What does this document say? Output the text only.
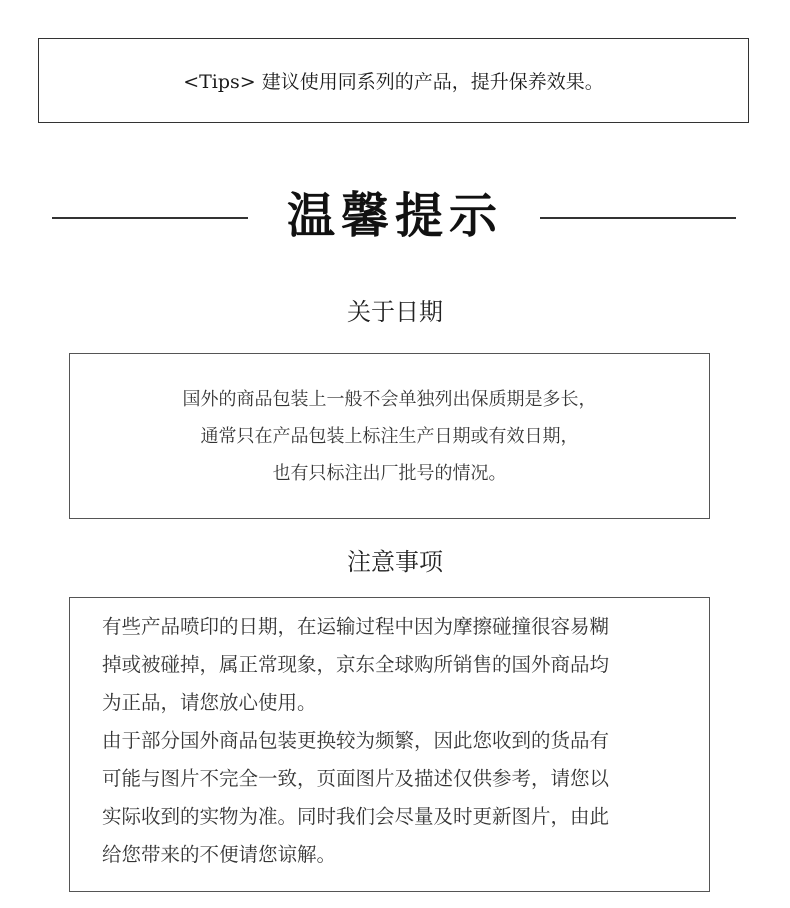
<Tips> 建议使用同系列的产品，提升保养效果。
温馨提示
关于日期
国外的商品包装上一般不会单独列出保质期是多长，
通常只在产品包装上标注生产日期或有效日期，
也有只标注出厂批号的情况。
注意事项
有些产品喷印的日期，在运输过程中因为摩擦碰撞很容易糊
掉或被碰掉，属正常现象，京东全球购所销售的国外商品均
为正品，请您放心使用。
由于部分国外商品包装更换较为频繁，因此您收到的货品有
可能与图片不完全一致，页面图片及描述仅供参考，请您以
实际收到的实物为准。同时我们会尽量及时更新图片，由此
给您带来的不便请您谅解。
